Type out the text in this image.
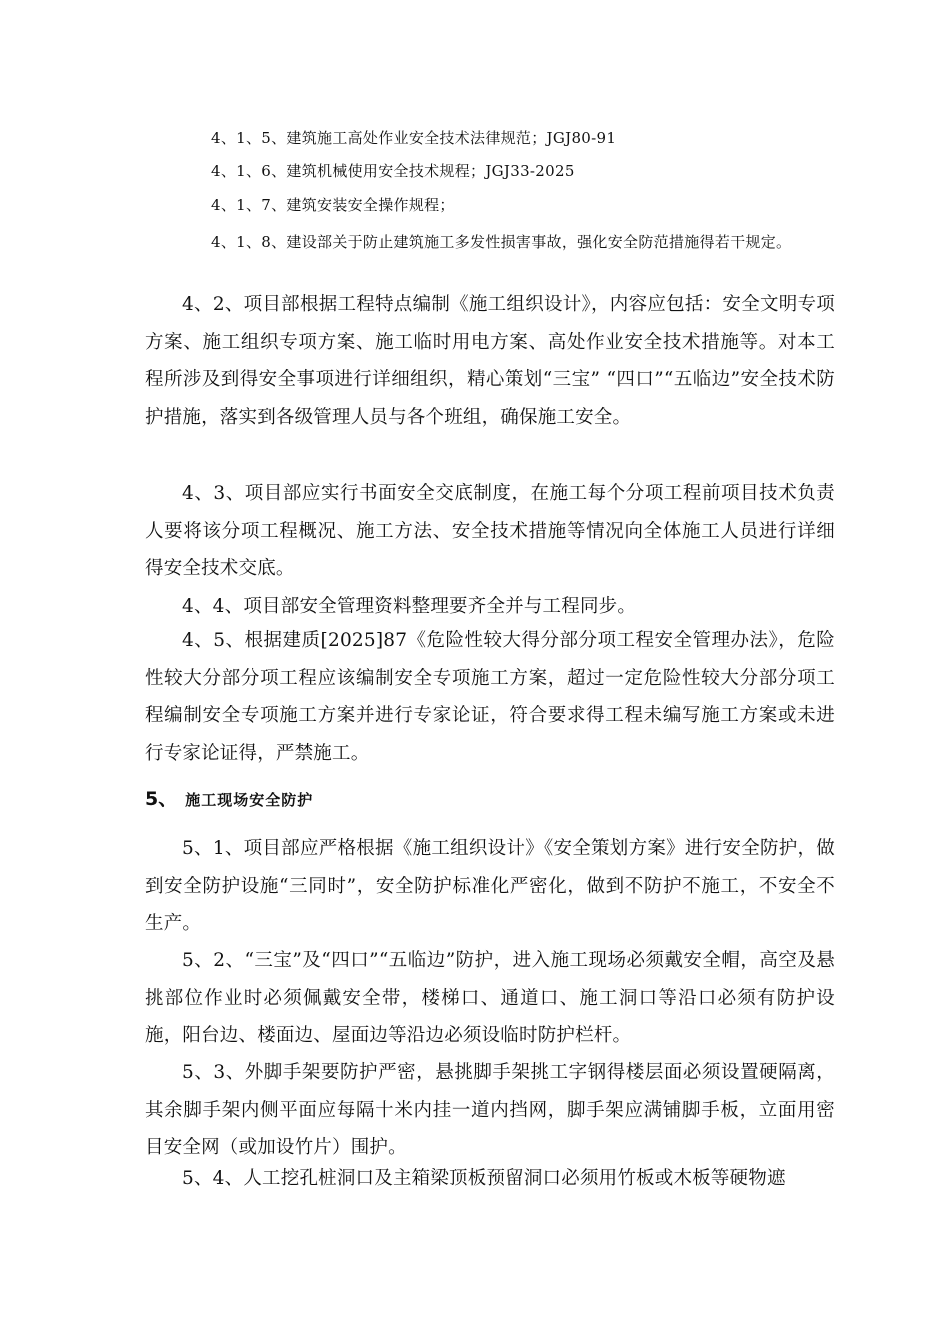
4、1、5、建筑施工高处作业安全技术法律规范；JGJ80-91
4、1、6、建筑机械使用安全技术规程；JGJ33-2025
4、1、7、建筑安装安全操作规程；
4、1、8、建设部关于防止建筑施工多发性损害事故，强化安全防范措施得若干规定。
4、2、项目部根据工程特点编制《施工组织设计》，内容应包括：安全文明专项方案、施工组织专项方案、施工临时用电方案、高处作业安全技术措施等。对本工程所涉及到得安全事项进行详细组织，精心策划“三宝” “四口”“五临边”安全技术防护措施，落实到各级管理人员与各个班组，确保施工安全。
4、3、项目部应实行书面安全交底制度，在施工每个分项工程前项目技术负责人要将该分项工程概况、施工方法、安全技术措施等情况向全体施工人员进行详细得安全技术交底。
4、4、项目部安全管理资料整理要齐全并与工程同步。
4、5、根据建质[2025]87《危险性较大得分部分项工程安全管理办法》，危险性较大分部分项工程应该编制安全专项施工方案，超过一定危险性较大分部分项工程编制安全专项施工方案并进行专家论证，符合要求得工程未编写施工方案或未进行专家论证得，严禁施工。
5、 施工现场安全防护
5、1、项目部应严格根据《施工组织设计》《安全策划方案》进行安全防护，做到安全防护设施“三同时”，安全防护标准化严密化，做到不防护不施工，不安全不生产。
5、2、“三宝”及“四口”“五临边”防护，进入施工现场必须戴安全帽，高空及悬挑部位作业时必须佩戴安全带，楼梯口、通道口、施工洞口等沿口必须有防护设施，阳台边、楼面边、屋面边等沿边必须设临时防护栏杆。
5、3、外脚手架要防护严密，悬挑脚手架挑工字钢得楼层面必须设置硬隔离，其余脚手架内侧平面应每隔十米内挂一道内挡网，脚手架应满铺脚手板，立面用密目安全网（或加设竹片）围护。
5、4、人工挖孔桩洞口及主箱梁顶板预留洞口必须用竹板或木板等硬物遮
